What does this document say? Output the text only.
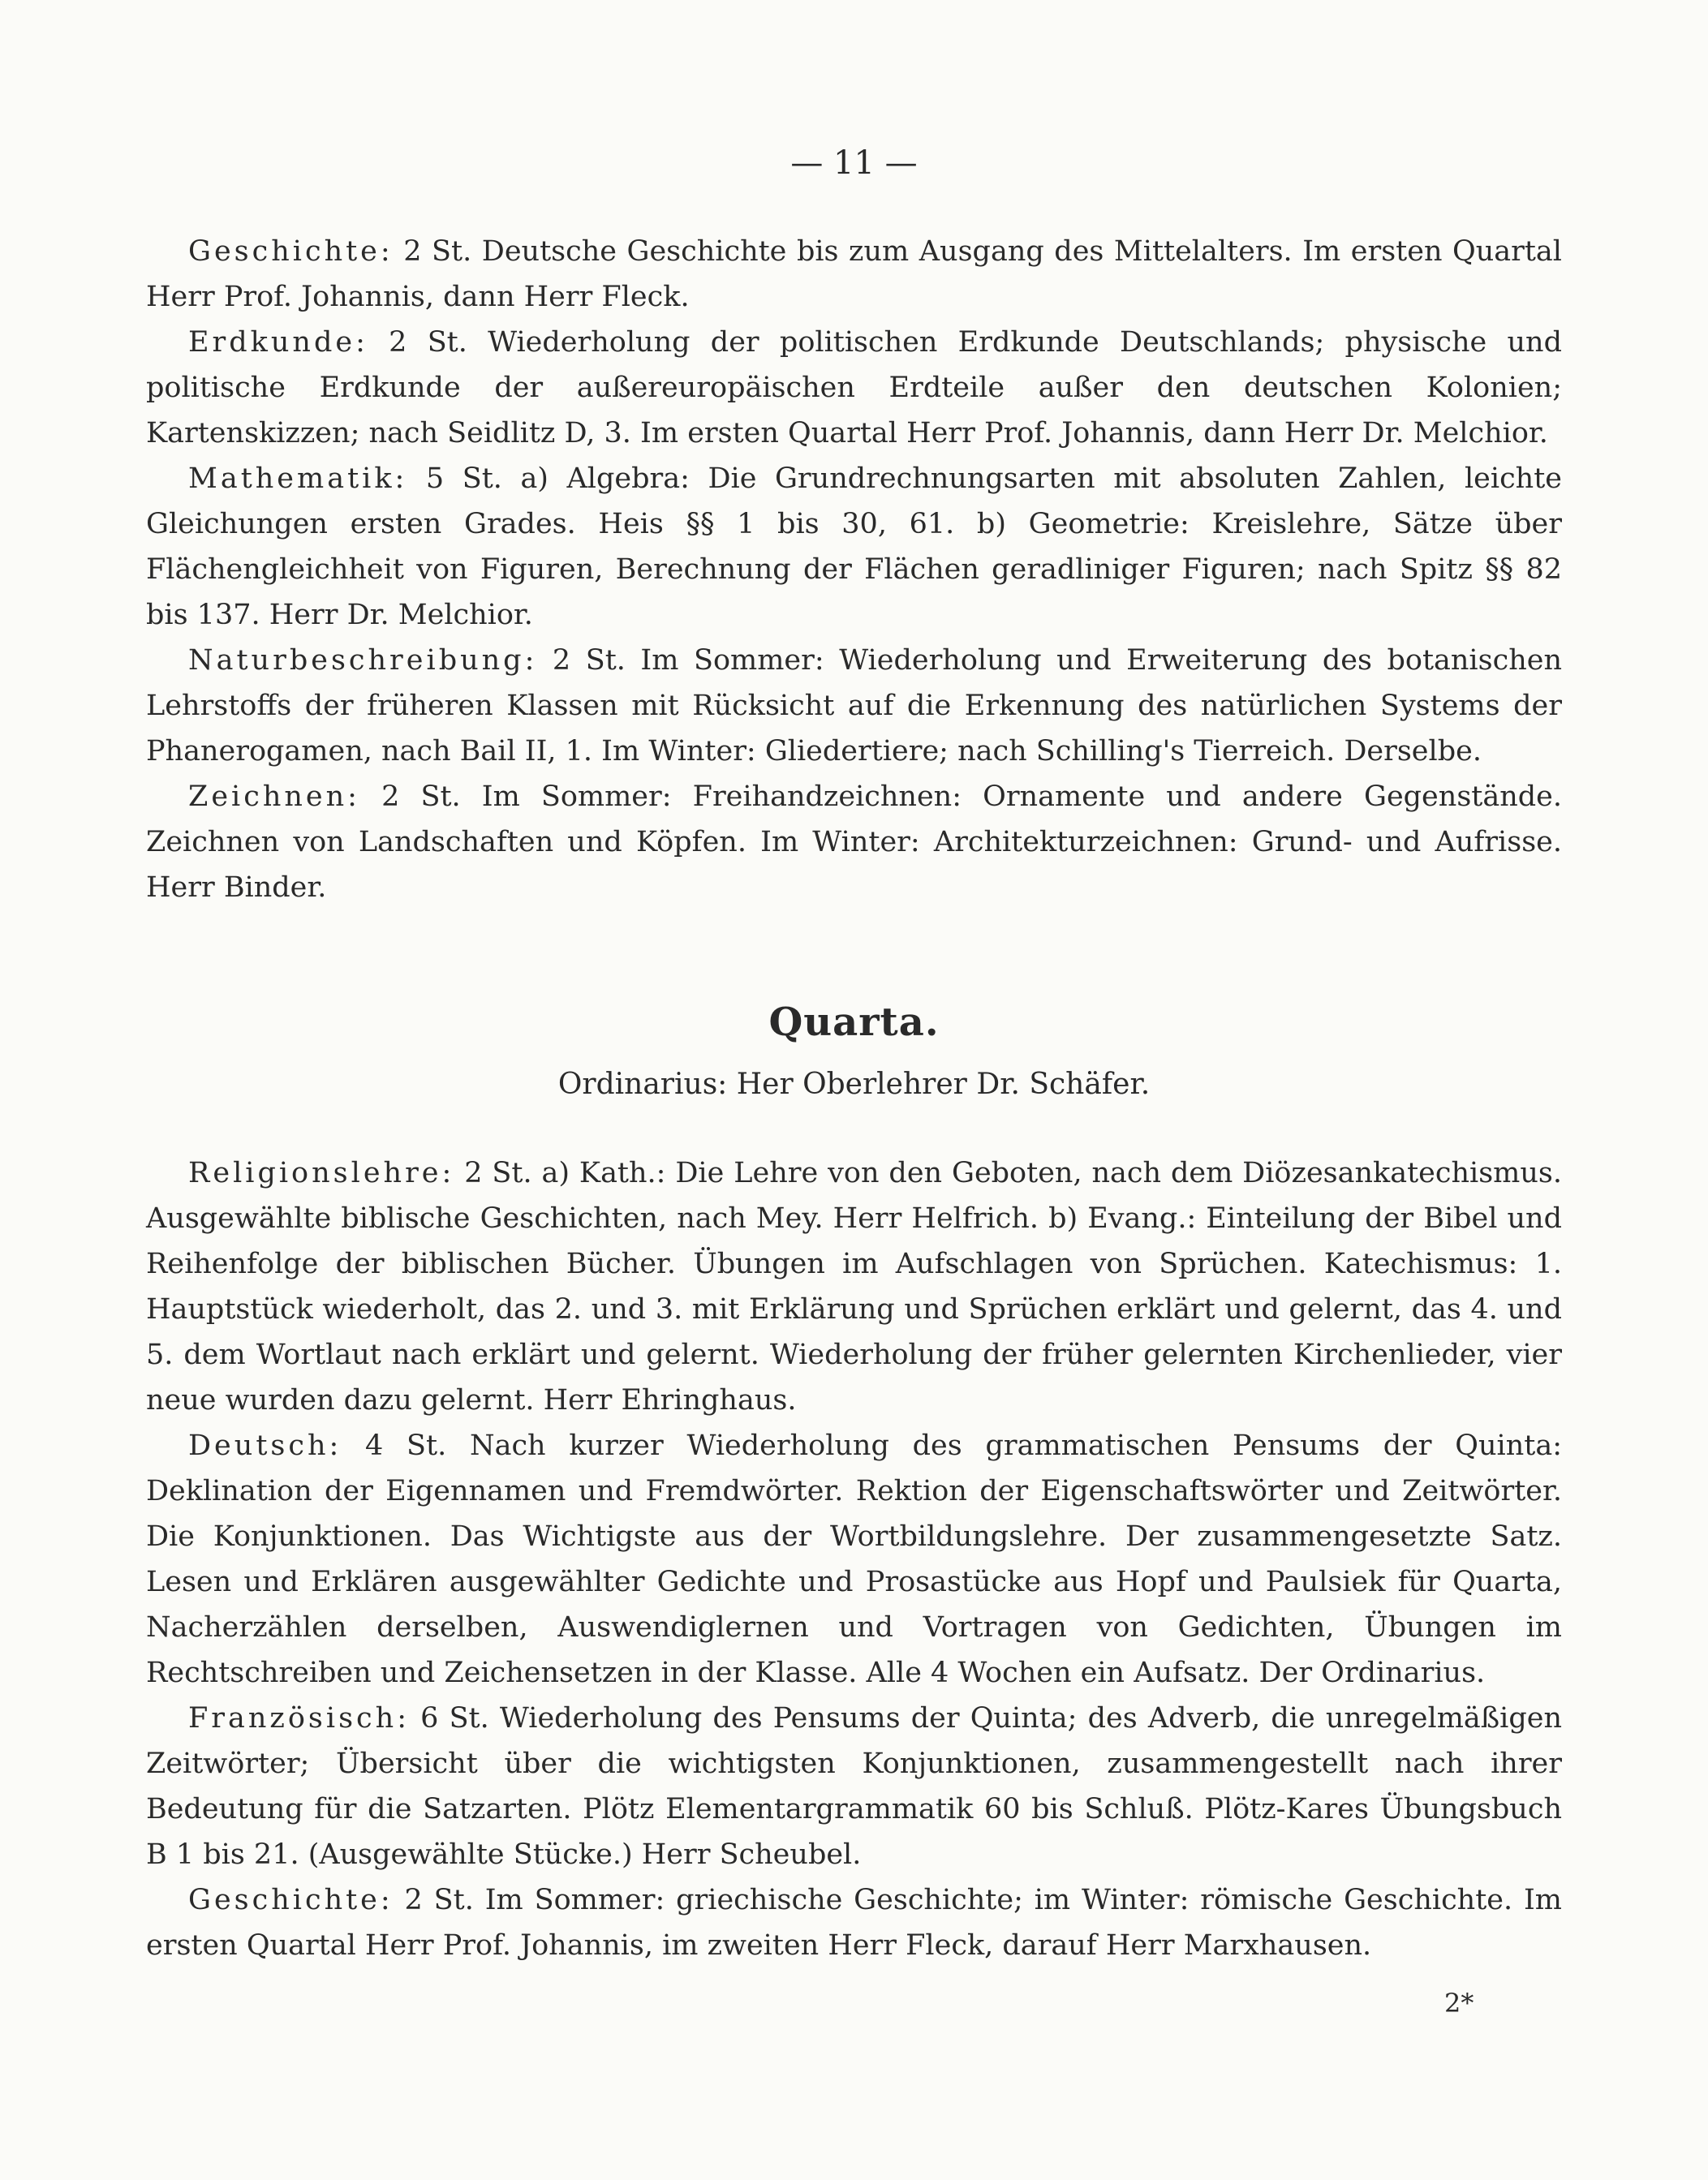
— 11 —

Geschichte: 2 St. Deutsche Geschichte bis zum Ausgang des Mittelalters. Im ersten Quartal Herr Prof. Johannis, dann Herr Fleck.

Erdkunde: 2 St. Wiederholung der politischen Erdkunde Deutschlands; physische und politische Erdkunde der außereuropäischen Erdteile außer den deutschen Kolonien; Kartenskizzen; nach Seidlitz D, 3. Im ersten Quartal Herr Prof. Johannis, dann Herr Dr. Melchior.

Mathematik: 5 St. a) Algebra: Die Grundrechnungsarten mit absoluten Zahlen, leichte Gleichungen ersten Grades. Heis §§ 1 bis 30, 61. b) Geometrie: Kreislehre, Sätze über Flächengleichheit von Figuren, Berechnung der Flächen geradliniger Figuren; nach Spitz §§ 82 bis 137. Herr Dr. Melchior.

Naturbeschreibung: 2 St. Im Sommer: Wiederholung und Erweiterung des botanischen Lehrstoffs der früheren Klassen mit Rücksicht auf die Erkennung des natürlichen Systems der Phanerogamen, nach Bail II, 1. Im Winter: Gliedertiere; nach Schilling's Tierreich. Derselbe.

Zeichnen: 2 St. Im Sommer: Freihandzeichnen: Ornamente und andere Gegenstände. Zeichnen von Landschaften und Köpfen. Im Winter: Architekturzeichnen: Grund- und Aufrisse. Herr Binder.

Quarta.
Ordinarius: Her Oberlehrer Dr. Schäfer.

Religionslehre: 2 St. a) Kath.: Die Lehre von den Geboten, nach dem Diözesankatechismus. Ausgewählte biblische Geschichten, nach Mey. Herr Helfrich. b) Evang.: Einteilung der Bibel und Reihenfolge der biblischen Bücher. Übungen im Aufschlagen von Sprüchen. Katechismus: 1. Hauptstück wiederholt, das 2. und 3. mit Erklärung und Sprüchen erklärt und gelernt, das 4. und 5. dem Wortlaut nach erklärt und gelernt. Wiederholung der früher gelernten Kirchenlieder, vier neue wurden dazu gelernt. Herr Ehringhaus.

Deutsch: 4 St. Nach kurzer Wiederholung des grammatischen Pensums der Quinta: Deklination der Eigennamen und Fremdwörter. Rektion der Eigenschaftswörter und Zeitwörter. Die Konjunktionen. Das Wichtigste aus der Wortbildungslehre. Der zusammengesetzte Satz. Lesen und Erklären ausgewählter Gedichte und Prosastücke aus Hopf und Paulsiek für Quarta, Nacherzählen derselben, Auswendiglernen und Vortragen von Gedichten, Übungen im Rechtschreiben und Zeichensetzen in der Klasse. Alle 4 Wochen ein Aufsatz. Der Ordinarius.

Französisch: 6 St. Wiederholung des Pensums der Quinta; des Adverb, die unregelmäßigen Zeitwörter; Übersicht über die wichtigsten Konjunktionen, zusammengestellt nach ihrer Bedeutung für die Satzarten. Plötz Elementargrammatik 60 bis Schluß. Plötz-Kares Übungsbuch B 1 bis 21. (Ausgewählte Stücke.) Herr Scheubel.

Geschichte: 2 St. Im Sommer: griechische Geschichte; im Winter: römische Geschichte. Im ersten Quartal Herr Prof. Johannis, im zweiten Herr Fleck, darauf Herr Marxhausen.

2*
